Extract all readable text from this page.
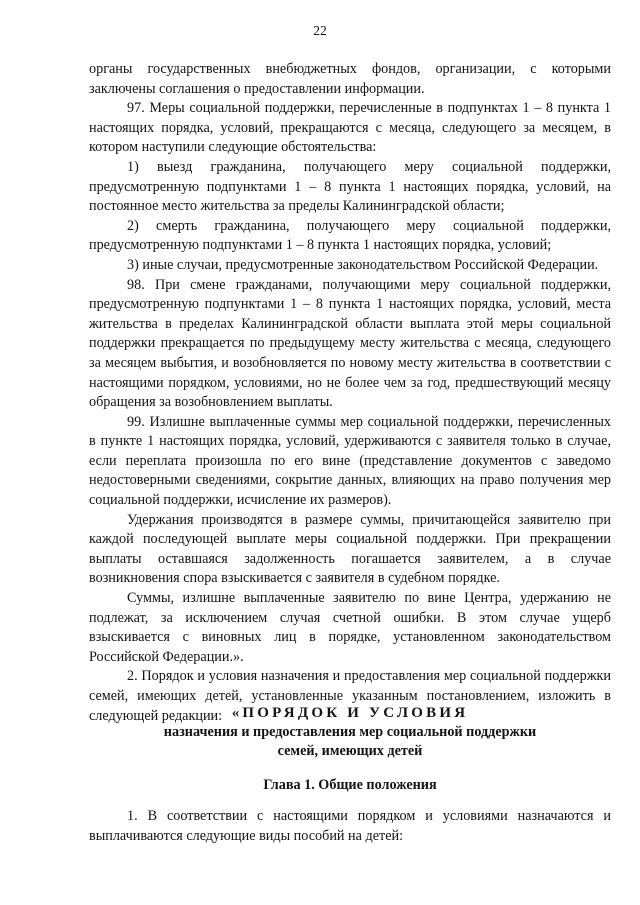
22

органы государственных внебюджетных фондов, организации, с которыми заключены соглашения о предоставлении информации.

97. Меры социальной поддержки, перечисленные в подпунктах 1 – 8 пункта 1 настоящих порядка, условий, прекращаются с месяца, следующего за месяцем, в котором наступили следующие обстоятельства:

1) выезд гражданина, получающего меру социальной поддержки, предусмотренную подпунктами 1 – 8 пункта 1 настоящих порядка, условий, на постоянное место жительства за пределы Калининградской области;

2) смерть гражданина, получающего меру социальной поддержки, предусмотренную подпунктами 1 – 8 пункта 1 настоящих порядка, условий;

3) иные случаи, предусмотренные законодательством Российской Федерации.

98. При смене гражданами, получающими меру социальной поддержки, предусмотренную подпунктами 1 – 8 пункта 1 настоящих порядка, условий, места жительства в пределах Калининградской области выплата этой меры социальной поддержки прекращается по предыдущему месту жительства с месяца, следующего за месяцем выбытия, и возобновляется по новому месту жительства в соответствии с настоящими порядком, условиями, но не более чем за год, предшествующий месяцу обращения за возобновлением выплаты.

99. Излишне выплаченные суммы мер социальной поддержки, перечисленных в пункте 1 настоящих порядка, условий, удерживаются с заявителя только в случае, если переплата произошла по его вине (представление документов с заведомо недостоверными сведениями, сокрытие данных, влияющих на право получения мер социальной поддержки, исчисление их размеров).

Удержания производятся в размере суммы, причитающейся заявителю при каждой последующей выплате меры социальной поддержки. При прекращении выплаты оставшаяся задолженность погашается заявителем, а в случае возникновения спора взыскивается с заявителя в судебном порядке.

Суммы, излишне выплаченные заявителю по вине Центра, удержанию не подлежат, за исключением случая счетной ошибки. В этом случае ущерб взыскивается с виновных лиц в порядке, установленном законодательством Российской Федерации.».

2. Порядок и условия назначения и предоставления мер социальной поддержки семей, имеющих детей, установленные указанным постановлением, изложить в следующей редакции: «ПОРЯДОК И УСЛОВИЯ
назначения и предоставления мер социальной поддержки
семей, имеющих детей
Глава 1. Общие положения

1. В соответствии с настоящими порядком и условиями назначаются и выплачиваются следующие виды пособий на детей:
